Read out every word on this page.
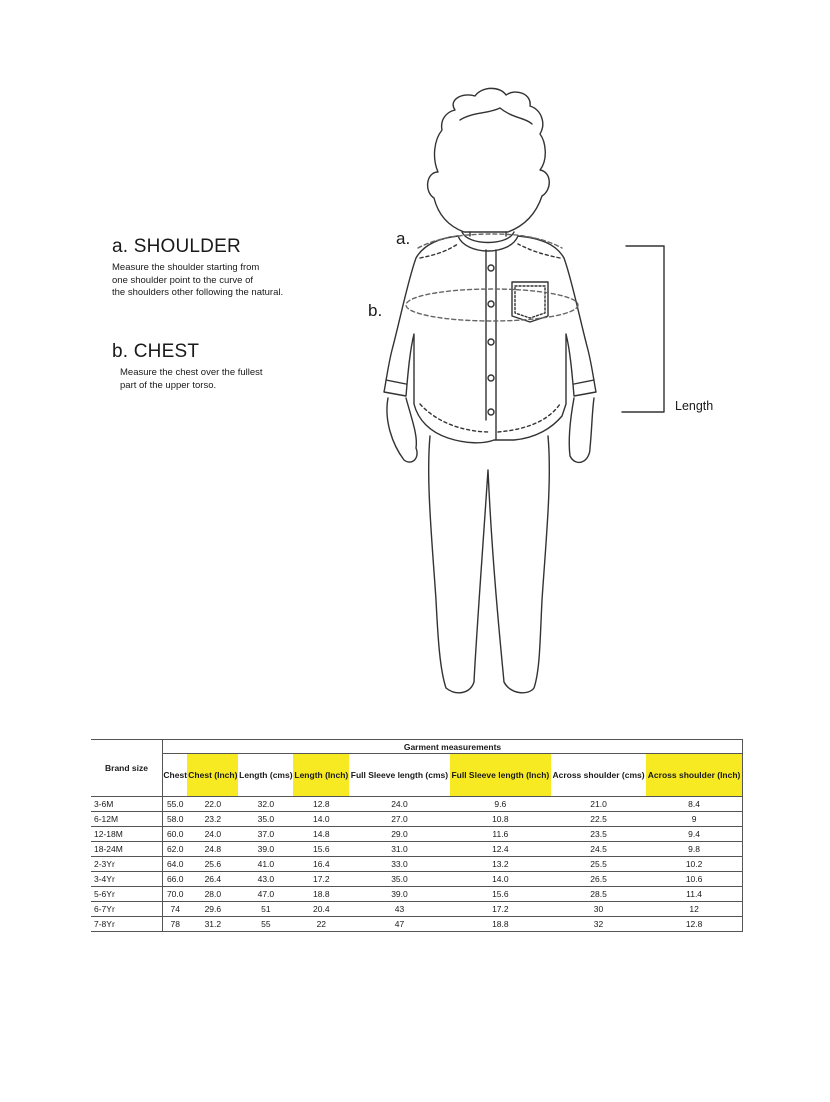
a.
b.
Length
a. SHOULDER
Measure the shoulder starting from
one shoulder point to the curve of
the shoulders other following the natural.
b. CHEST
Measure the chest over the fullest
part of the upper torso.
Brand size	Garment measurements							
	Chest	Chest (Inch)	Length (cms)	Length (Inch)	Full Sleeve length (cms)	Full Sleeve length (Inch)	Across shoulder (cms)	Across shoulder (Inch)
3-6M	55.0	22.0	32.0	12.8	24.0	9.6	21.0	8.4
6-12M	58.0	23.2	35.0	14.0	27.0	10.8	22.5	9
12-18M	60.0	24.0	37.0	14.8	29.0	11.6	23.5	9.4
18-24M	62.0	24.8	39.0	15.6	31.0	12.4	24.5	9.8
2-3Yr	64.0	25.6	41.0	16.4	33.0	13.2	25.5	10.2
3-4Yr	66.0	26.4	43.0	17.2	35.0	14.0	26.5	10.6
5-6Yr	70.0	28.0	47.0	18.8	39.0	15.6	28.5	11.4
6-7Yr	74	29.6	51	20.4	43	17.2	30	12
7-8Yr	78	31.2	55	22	47	18.8	32	12.8
